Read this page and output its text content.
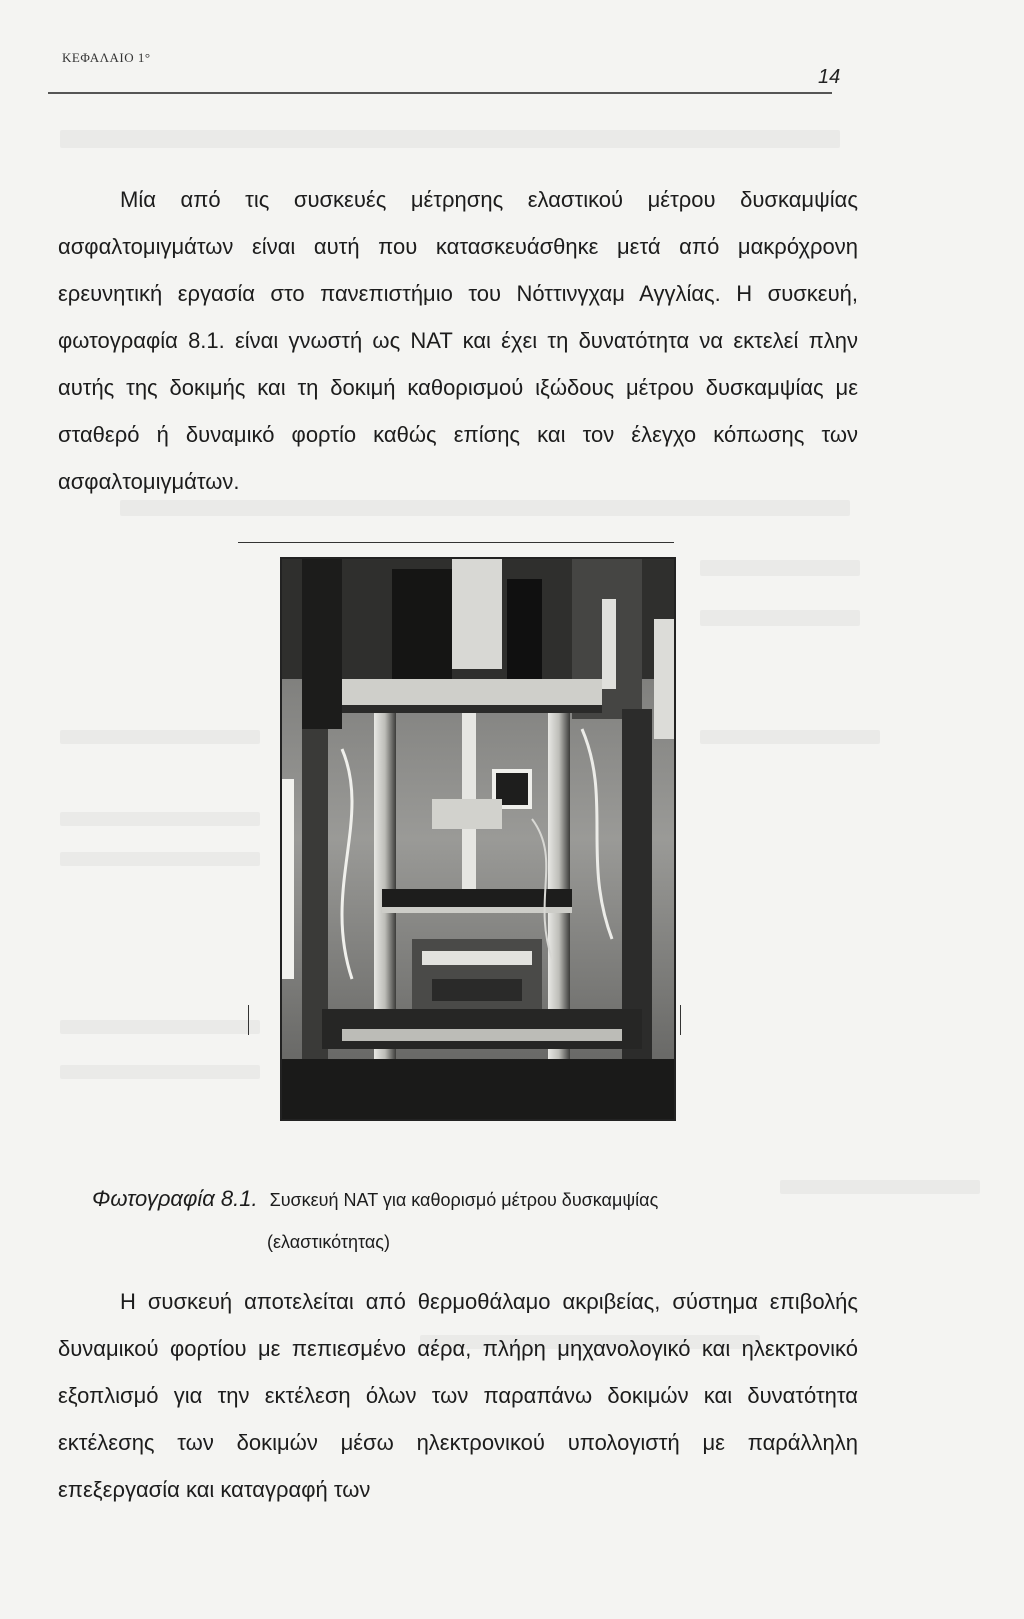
ΚΕΦΑΛΑΙΟ 1°
14
Μία από τις συσκευές μέτρησης ελαστικού μέτρου δυσκαμψίας ασφαλτομιγμάτων είναι αυτή που κατασκευάσθηκε μετά από μακρόχρονη ερευνητική εργασία στο πανεπιστήμιο του Νόττινγχαμ Αγγλίας. Η συσκευή, φωτογραφία 8.1. είναι γνωστή ως ΝΑΤ και έχει τη δυνατότητα να εκτελεί πλην αυτής της δοκιμής και τη δοκιμή καθορισμού ιξώδους μέτρου δυσκαμψίας με σταθερό ή δυναμικό φορτίο καθώς επίσης και τον έλεγχο κόπωσης των ασφαλτομιγμάτων.
Φωτογραφία 8.1. Συσκευή ΝΑΤ για καθορισμό μέτρου δυσκαμψίας
(ελαστικότητας)
Η συσκευή αποτελείται από θερμοθάλαμο ακριβείας, σύστημα επιβολής δυναμικού φορτίου με πεπιεσμένο αέρα, πλήρη μηχανολογικό και ηλεκτρονικό εξοπλισμό για την εκτέλεση όλων των παραπάνω δοκιμών και δυνατότητα εκτέλεσης των δοκιμών μέσω ηλεκτρονικού υπολογιστή με παράλληλη επεξεργασία και καταγραφή των
